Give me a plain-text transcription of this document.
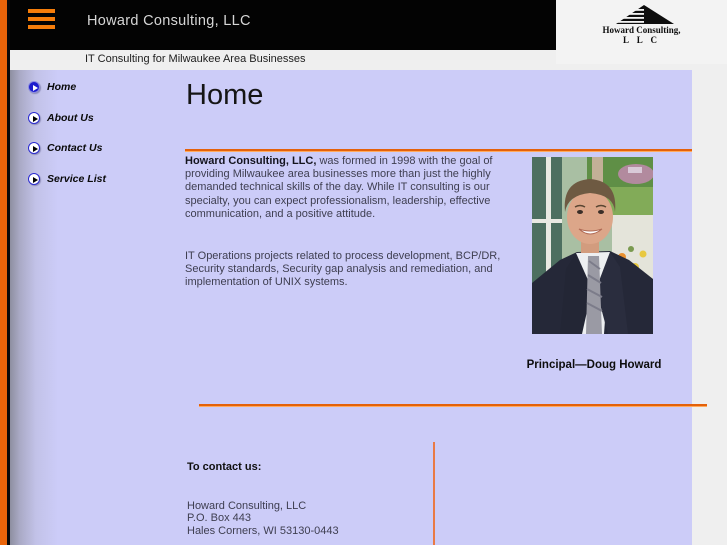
Howard Consulting, LLC
Howard Consulting,
L L C
IT Consulting for Milwaukee Area Businesses
Home
About Us
Contact Us
Service List
Home
Howard Consulting, LLC, was formed in 1998 with the goal of providing Milwaukee area businesses more than just the highly demanded technical skills of the day. While IT consulting is our specialty, you can expect professionalism, leadership, effective communication, and a positive attitude.
IT Operations projects related to process development, BCP/DR, Security standards, Security gap analysis and remediation, and implementation of UNIX systems.
Principal—Doug Howard
To contact us:
Howard Consulting, LLC
P.O. Box 443
Hales Corners, WI 53130-0443
